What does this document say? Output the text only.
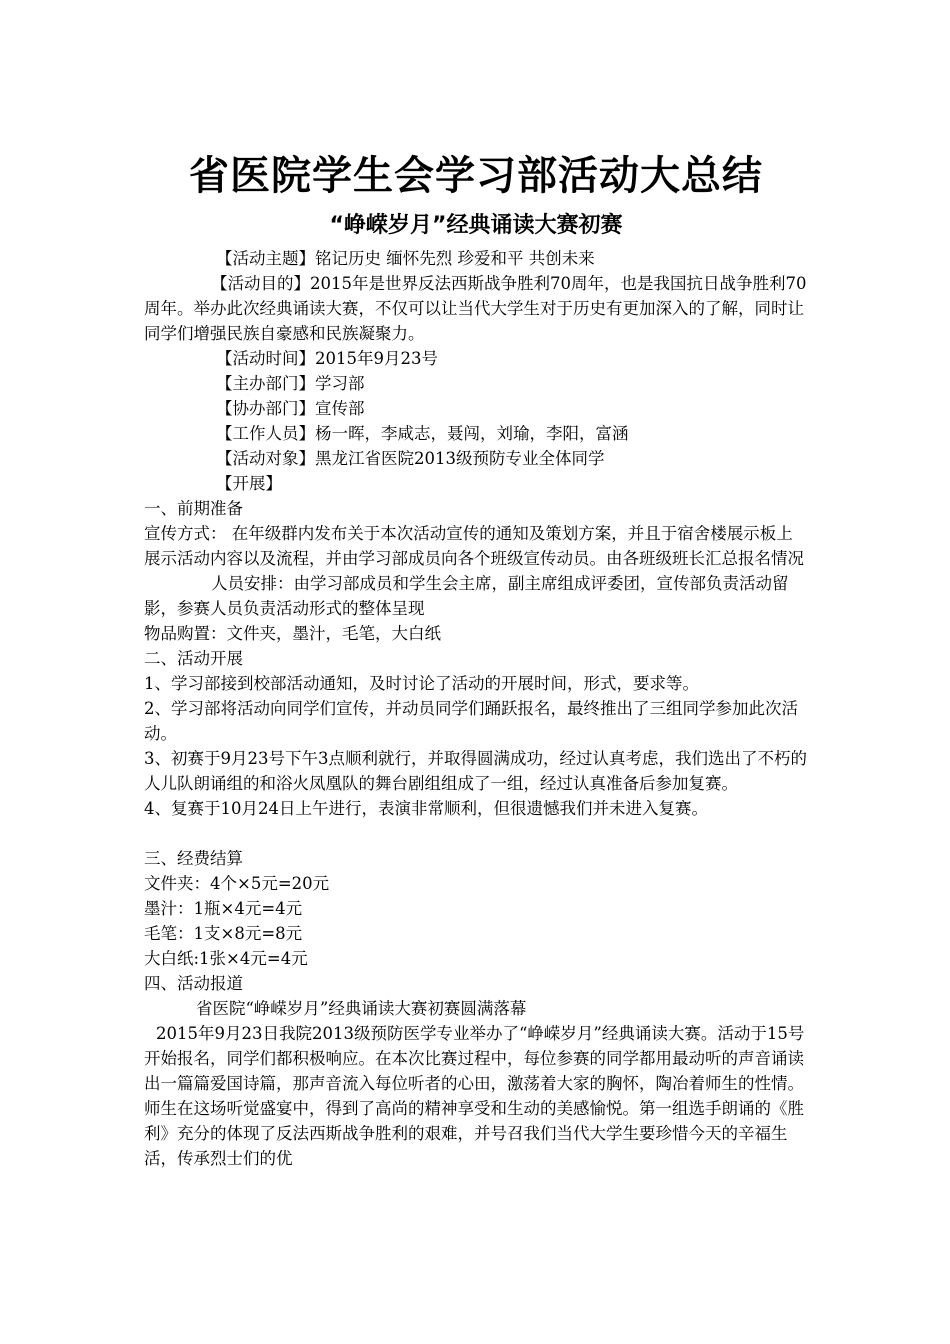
省医院学生会学习部活动大总结
“峥嵘岁月”经典诵读大赛初赛

【活动主题】铭记历史 缅怀先烈 珍爱和平 共创未来

【活动目的】2015年是世界反法西斯战争胜利70周年，也是我国抗日战争胜利70周年。举办此次经典诵读大赛，不仅可以让当代大学生对于历史有更加深入的了解，同时让同学们增强民族自豪感和民族凝聚力。

【活动时间】2015年9月23号

【主办部门】学习部

【协办部门】宣传部

【工作人员】杨一晖，李咸志，聂闯，刘瑜，李阳，富涵

【活动对象】黑龙江省医院2013级预防专业全体同学

【开展】

一、前期准备

宣传方式： 在年级群内发布关于本次活动宣传的通知及策划方案，并且于宿舍楼展示板上展示活动内容以及流程，并由学习部成员向各个班级宣传动员。由各班级班长汇总报名情况

人员安排：由学习部成员和学生会主席，副主席组成评委团，宣传部负责活动留影，参赛人员负责活动形式的整体呈现

物品购置：文件夹，墨汁，毛笔，大白纸

二、活动开展

1、学习部接到校部活动通知，及时讨论了活动的开展时间，形式，要求等。

2、学习部将活动向同学们宣传，并动员同学们踊跃报名，最终推出了三组同学参加此次活动。

3、初赛于9月23号下午3点顺利就行，并取得圆满成功，经过认真考虑，我们选出了不朽的人儿队朗诵组的和浴火凤凰队的舞台剧组组成了一组，经过认真准备后参加复赛。

4、复赛于10月24日上午进行，表演非常顺利，但很遗憾我们并未进入复赛。

三、经费结算

文件夹：4个×5元=20元

墨汁：1瓶×4元=4元

毛笔：1支×8元=8元

大白纸:1张×4元=4元

四、活动报道

省医院“峥嵘岁月”经典诵读大赛初赛圆满落幕

2015年9月23日我院2013级预防医学专业举办了“峥嵘岁月”经典诵读大赛。活动于15号开始报名，同学们都积极响应。在本次比赛过程中，每位参赛的同学都用最动听的声音诵读出一篇篇爱国诗篇，那声音流入每位听者的心田，激荡着大家的胸怀，陶冶着师生的性情。师生在这场听觉盛宴中，得到了高尚的精神享受和生动的美感愉悦。第一组选手朗诵的《胜利》充分的体现了反法西斯战争胜利的艰难，并号召我们当代大学生要珍惜今天的辛福生活，传承烈士们的优
